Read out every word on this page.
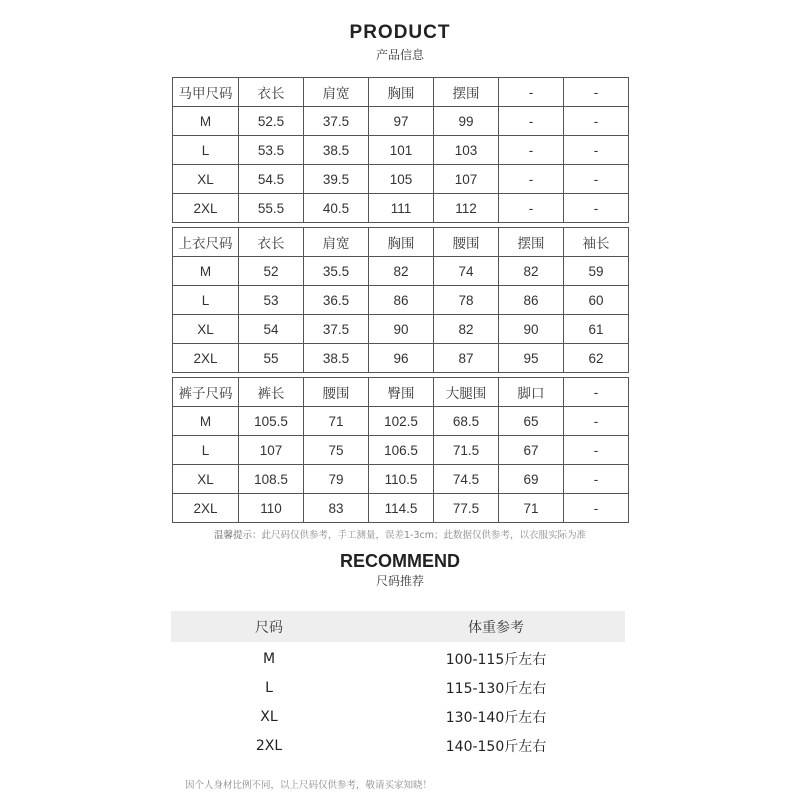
PRODUCT
产品信息
马甲尺码	衣长	肩宽	胸围	摆围	-	-
M	52.5	37.5	97	99	-	-
L	53.5	38.5	101	103	-	-
XL	54.5	39.5	105	107	-	-
2XL	55.5	40.5	111	112	-	-
上衣尺码	衣长	肩宽	胸围	腰围	摆围	袖长
M	52	35.5	82	74	82	59
L	53	36.5	86	78	86	60
XL	54	37.5	90	82	90	61
2XL	55	38.5	96	87	95	62
裤子尺码	裤长	腰围	臀围	大腿围	脚口	-
M	105.5	71	102.5	68.5	65	-
L	107	75	106.5	71.5	67	-
XL	108.5	79	110.5	74.5	69	-
2XL	110	83	114.5	77.5	71	-
温馨提示：此尺码仅供参考，手工测量，误差1-3cm；此数据仅供参考，以衣服实际为准
RECOMMEND
尺码推荐
尺码	体重参考
M	100-115斤左右
L	115-130斤左右
XL	130-140斤左右
2XL	140-150斤左右
因个人身材比例不同，以上尺码仅供参考，敬请买家知晓！
